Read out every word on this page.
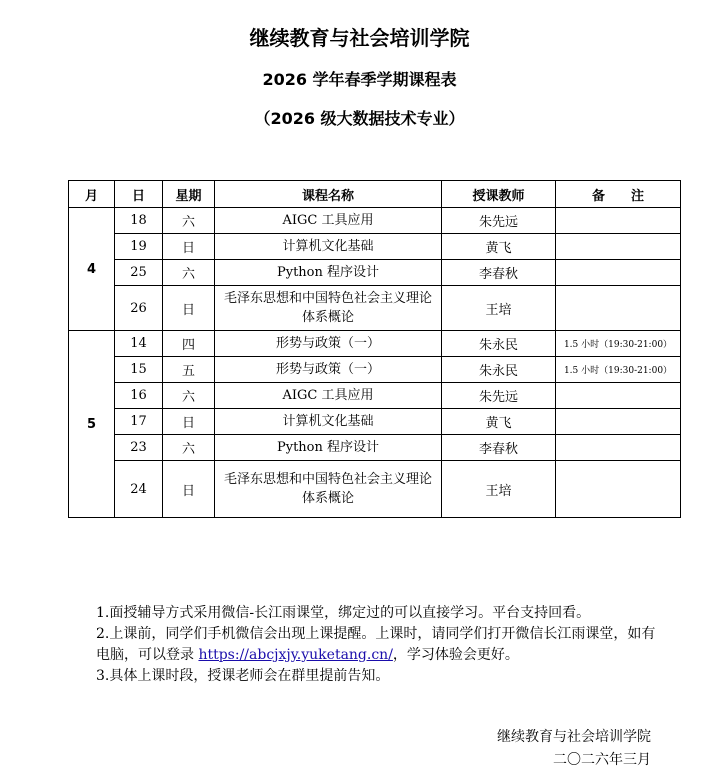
继续教育与社会培训学院
2026 学年春季学期课程表
（2026 级大数据技术专业）
月	日	星期	课程名称	授课教师	备　　注
4	18	六	AIGC 工具应用	朱先远	
	19	日	计算机文化基础	黄飞	
	25	六	Python 程序设计	李春秋	
	26	日	毛泽东思想和中国特色社会主义理论体系概论	王培	
5	14	四	形势与政策（一）	朱永民	1.5 小时（19:30-21:00）
	15	五	形势与政策（一）	朱永民	1.5 小时（19:30-21:00）
	16	六	AIGC 工具应用	朱先远	
	17	日	计算机文化基础	黄飞	
	23	六	Python 程序设计	李春秋	
	24	日	毛泽东思想和中国特色社会主义理论体系概论	王培	

1.面授辅导方式采用微信-长江雨课堂，绑定过的可以直接学习。平台支持回看。

2.上课前，同学们手机微信会出现上课提醒。上课时，请同学们打开微信长江雨课堂，如有电脑，可以登录 https://abcjxjy.yuketang.cn/，学习体验会更好。

3.具体上课时段，授课老师会在群里提前告知。

继续教育与社会培训学院
二〇二六年三月
